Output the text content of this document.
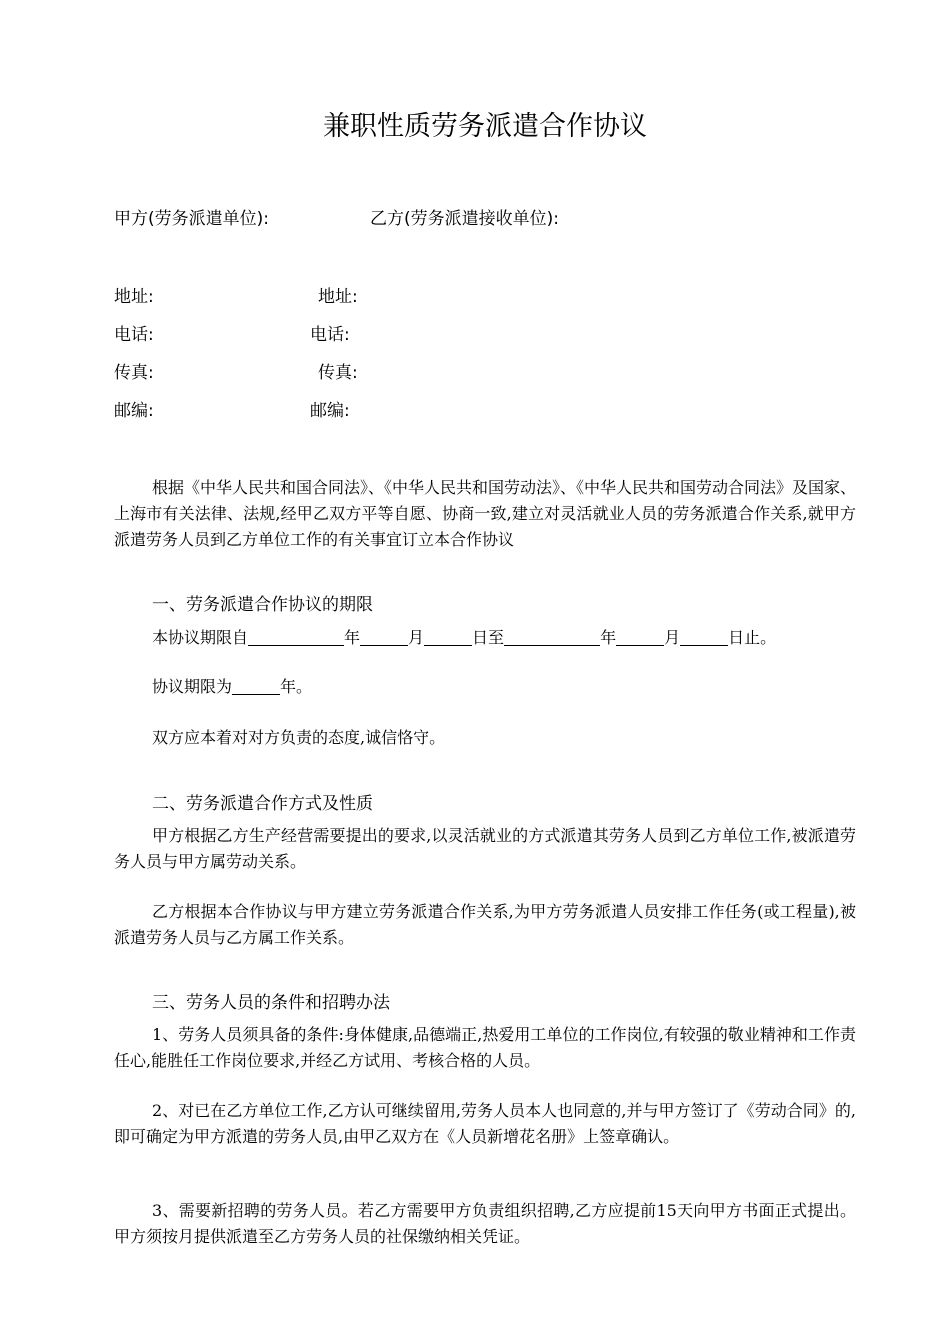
兼职性质劳务派遣合作协议
甲方(劳务派遣单位):	乙方(劳务派遣接收单位):
地址:	地址:
电话:	电话:
传真:	传真:
邮编:	邮编:
根据《中华人民共和国合同法》、《中华人民共和国劳动法》、《中华人民共和国劳动合同法》及国家、上海市有关法律、法规,经甲乙双方平等自愿、协商一致,建立对灵活就业人员的劳务派遣合作关系,就甲方派遣劳务人员到乙方单位工作的有关事宜订立本合作协议
一、劳务派遣合作协议的期限
本协议期限自	年	月	日至	年	月	日止。
协议期限为	年。
双方应本着对对方负责的态度,诚信恪守。
二、劳务派遣合作方式及性质
甲方根据乙方生产经营需要提出的要求,以灵活就业的方式派遣其劳务人员到乙方单位工作,被派遣劳务人员与甲方属劳动关系。
乙方根据本合作协议与甲方建立劳务派遣合作关系,为甲方劳务派遣人员安排工作任务(或工程量),被派遣劳务人员与乙方属工作关系。
三、劳务人员的条件和招聘办法
1、劳务人员须具备的条件:身体健康,品德端正,热爱用工单位的工作岗位,有较强的敬业精神和工作责任心,能胜任工作岗位要求,并经乙方试用、考核合格的人员。
2、对已在乙方单位工作,乙方认可继续留用,劳务人员本人也同意的,并与甲方签订了《劳动合同》的,即可确定为甲方派遣的劳务人员,由甲乙双方在《人员新增花名册》上签章确认。
3、需要新招聘的劳务人员。若乙方需要甲方负责组织招聘,乙方应提前15天向甲方书面正式提出。甲方须按月提供派遣至乙方劳务人员的社保缴纳相关凭证。
